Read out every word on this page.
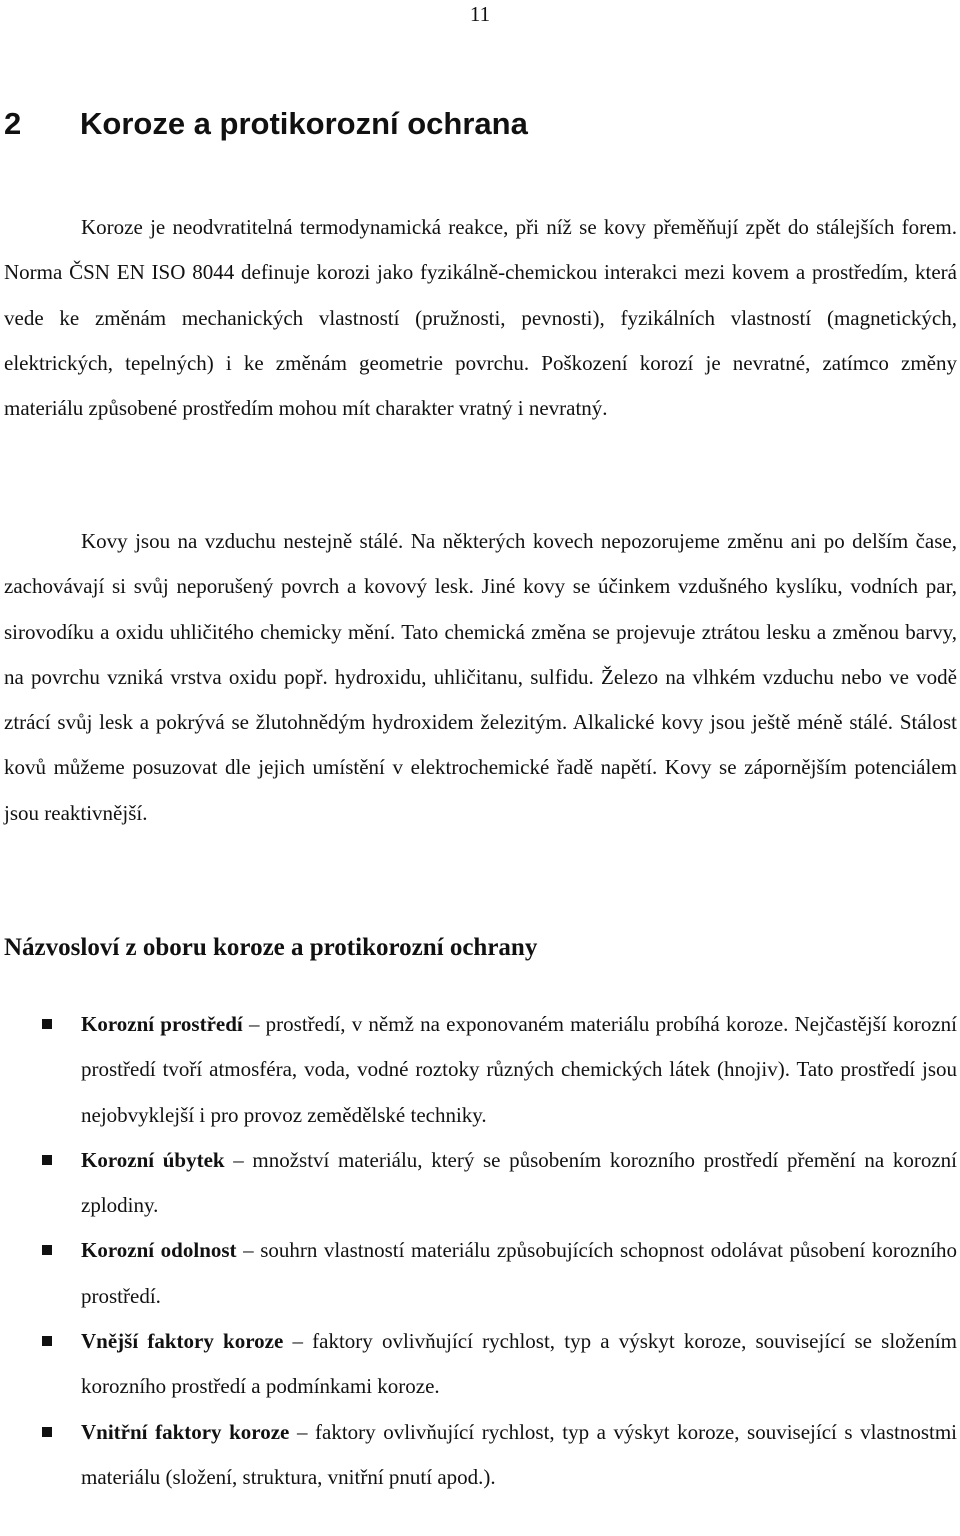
11
2 Koroze a protikorozní ochrana

Koroze je neodvratitelná termodynamická reakce, při níž se kovy přeměňují zpět do stálejších forem. Norma ČSN EN ISO 8044 definuje korozi jako fyzikálně-chemickou interakci mezi kovem a prostředím, která vede ke změnám mechanických vlastností (pružnosti, pevnosti), fyzikálních vlastností (magnetických, elektrických, tepelných) i ke změnám geometrie povrchu. Poškození korozí je nevratné, zatímco změny materiálu způsobené prostředím mohou mít charakter vratný i nevratný.

Kovy jsou na vzduchu nestejně stálé. Na některých kovech nepozorujeme změnu ani po delším čase, zachovávají si svůj neporušený povrch a kovový lesk. Jiné kovy se účinkem vzdušného kyslíku, vodních par, sirovodíku a oxidu uhličitého chemicky mění. Tato chemická změna se projevuje ztrátou lesku a změnou barvy, na povrchu vzniká vrstva oxidu popř. hydroxidu, uhličitanu, sulfidu. Železo na vlhkém vzduchu nebo ve vodě ztrácí svůj lesk a pokrývá se žlutohnědým hydroxidem železitým. Alkalické kovy jsou ještě méně stálé. Stálost kovů můžeme posuzovat dle jejich umístění v elektrochemické řadě napětí. Kovy se zápornějším potenciálem jsou reaktivnější.

Názvosloví z oboru koroze a protikorozní ochrany
Korozní prostředí – prostředí, v němž na exponovaném materiálu probíhá koroze. Nejčastější korozní prostředí tvoří atmosféra, voda, vodné roztoky různých chemických látek (hnojiv). Tato prostředí jsou nejobvyklejší i pro provoz zemědělské techniky.
Korozní úbytek – množství materiálu, který se působením korozního prostředí přemění na korozní zplodiny.
Korozní odolnost – souhrn vlastností materiálu způsobujících schopnost odolávat působení korozního prostředí.
Vnější faktory koroze – faktory ovlivňující rychlost, typ a výskyt koroze, související se složením korozního prostředí a podmínkami koroze.
Vnitřní faktory koroze – faktory ovlivňující rychlost, typ a výskyt koroze, související s vlastnostmi materiálu (složení, struktura, vnitřní pnutí apod.).
